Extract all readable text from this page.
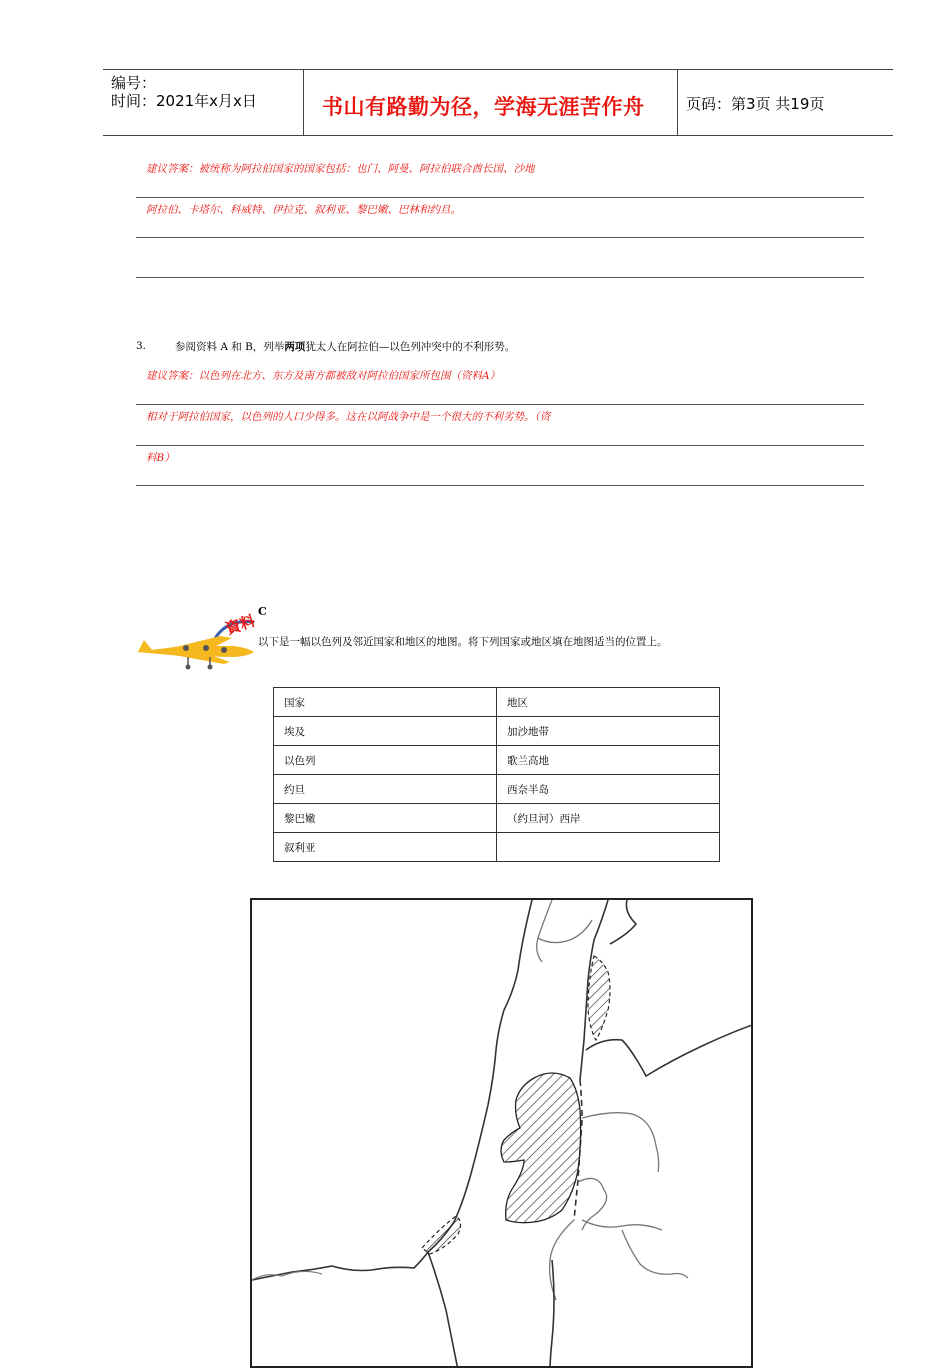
编号：
时间：2021年x月x日	书山有路勤为径，学海无涯苦作舟	页码：第3页 共19页
建议答案：被统称为阿拉伯国家的国家包括：也门、阿曼、阿拉伯联合酋长国、沙地
阿拉伯、卡塔尔、科威特、伊拉克、叙利亚、黎巴嫩、巴林和约旦。
3.	参阅资料 A 和 B，列举两项犹太人在阿拉伯—以色列冲突中的不利形势。
建议答案：以色列在北方、东方及南方都被敌对阿拉伯国家所包围（资料A）
相对于阿拉伯国家，以色列的人口少得多。这在以阿战争中是一个很大的不利劣势。（资
料B）
C
資料
以下是一幅以色列及邻近国家和地区的地图。将下列国家或地区填在地图适当的位置上。
国家	地区
埃及	加沙地带
以色列	歌兰高地
约旦	西奈半岛
黎巴嫩	（约旦河）西岸
叙利亚	
